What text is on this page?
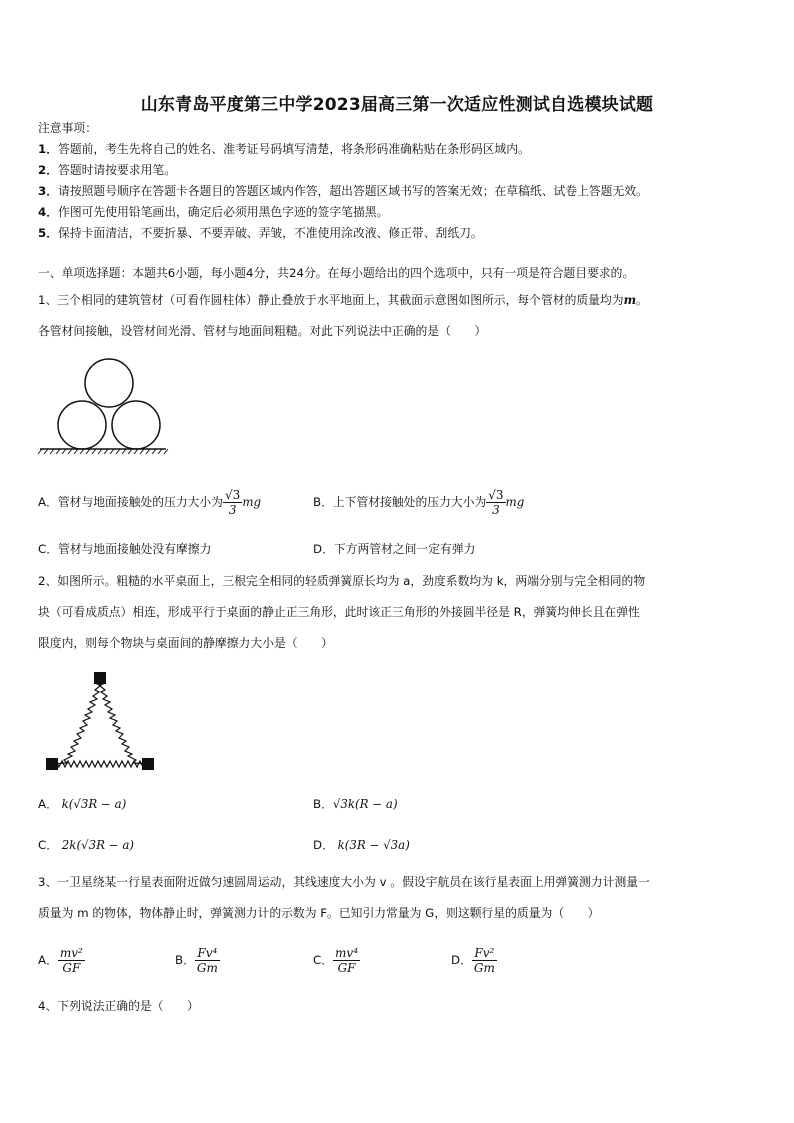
山东青岛平度第三中学2023届高三第一次适应性测试自选模块试题
注意事项：
1．答题前，考生先将自己的姓名、准考证号码填写清楚，将条形码准确粘贴在条形码区域内。
2．答题时请按要求用笔。
3．请按照题号顺序在答题卡各题目的答题区域内作答，超出答题区域书写的答案无效；在草稿纸、试卷上答题无效。
4．作图可先使用铅笔画出，确定后必须用黑色字迹的签字笔描黑。
5．保持卡面清洁，不要折暴、不要弄破、弄皱，不准使用涂改液、修正带、刮纸刀。
一、单项选择题：本题共6小题，每小题4分，共24分。在每小题给出的四个选项中，只有一项是符合题目要求的。
1、三个相同的建筑管材（可看作圆柱体）静止叠放于水平地面上，其截面示意图如图所示，每个管材的质量均为m。
各管材间接触，设管材间光滑、管材与地面间粗糙。对此下列说法中正确的是（　　）
A．管材与地面接触处的压力大小为 $\frac{√3}{3}$ mg	B．上下管材接触处的压力大小为 $\frac{√3}{3}$ mg
C．管材与地面接触处没有摩擦力	D．下方两管材之间一定有弹力
2、如图所示。粗糙的水平桌面上，三根完全相同的轻质弹簧原长均为 a，劲度系数均为 k，两端分别与完全相同的物
块（可看成质点）相连，形成平行于桌面的静止正三角形，此时该正三角形的外接圆半径是 R，弹簧均伸长且在弹性
限度内，则每个物块与桌面间的静摩擦力大小是（　　）
A． k(√3R − a)	B．√3k(R − a)
C． 2k(√3R − a)	D． k(3R − √3a)
3、一卫星绕某一行星表面附近做匀速圆周运动，其线速度大小为 v 。假设宇航员在该行星表面上用弹簧测力计测量一
质量为 m 的物体，物体静止时，弹簧测力计的示数为 F。已知引力常量为 G，则这颗行星的质量为（　　）
A． $\frac{\text{mv²}}{GF}$	B． $\frac{\text{Fv⁴}}{Gm}$	C． $\frac{\text{mv⁴}}{GF}$	D． $\frac{\text{Fv²}}{Gm}$
4、下列说法正确的是（　　）
